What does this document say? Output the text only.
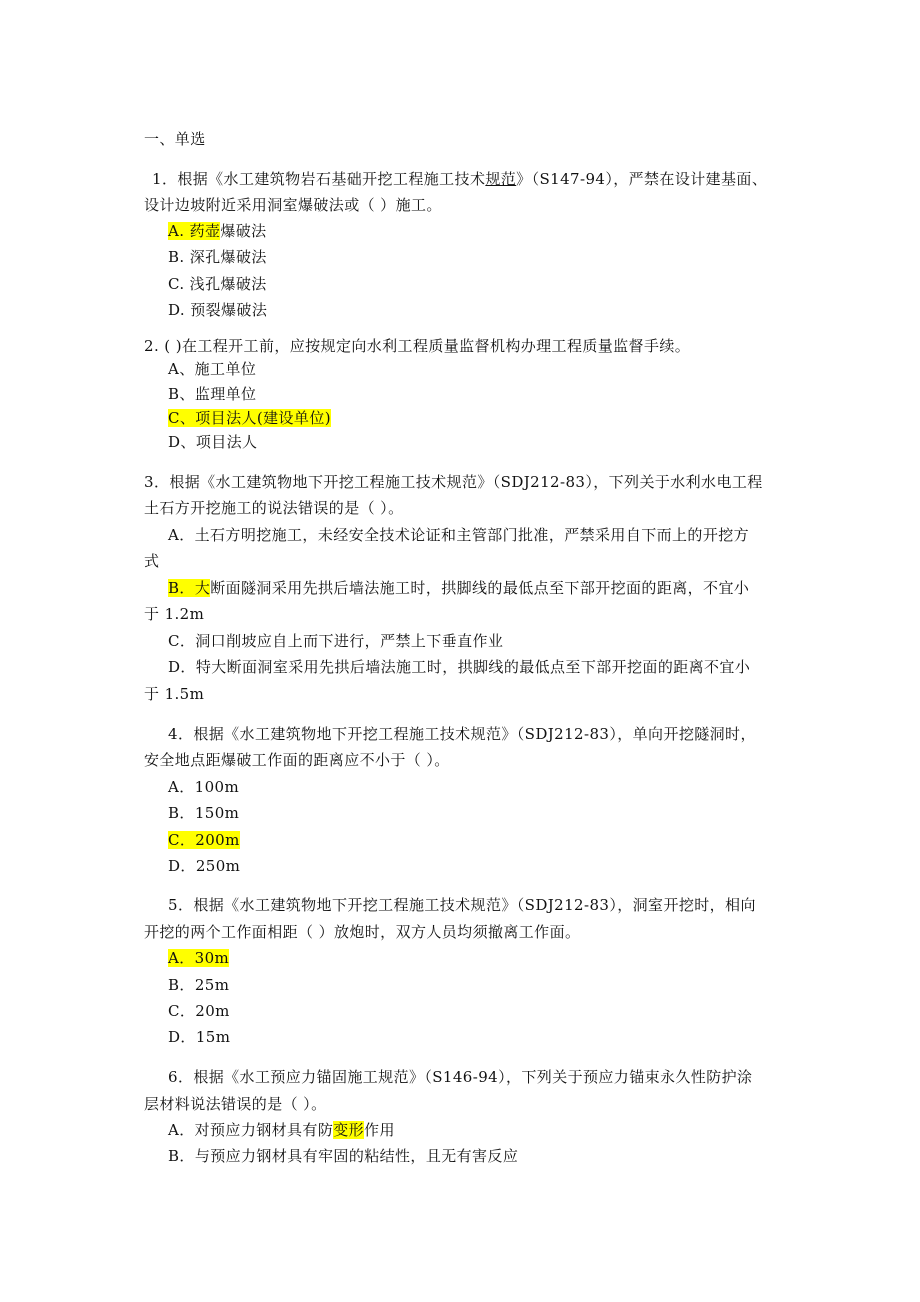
一、单选
1．根据《水工建筑物岩石基础开挖工程施工技术规范》（S147-94），严禁在设计建基面、
设计边坡附近采用洞室爆破法或（ ）施工。
A. 药壶爆破法
B. 深孔爆破法
C. 浅孔爆破法
D. 预裂爆破法
2. ( )在工程开工前，应按规定向水利工程质量监督机构办理工程质量监督手续。
A、施工单位
B、监理单位
C、项目法人(建设单位)
D、项目法人
3．根据《水工建筑物地下开挖工程施工技术规范》（SDJ212-83），下列关于水利水电工程
土石方开挖施工的说法错误的是（ ）。
A．土石方明挖施工，未经安全技术论证和主管部门批准，严禁采用自下而上的开挖方
式
B．大断面隧洞采用先拱后墙法施工时，拱脚线的最低点至下部开挖面的距离，不宜小
于 1.2m
C．洞口削坡应自上而下进行，严禁上下垂直作业
D．特大断面洞室采用先拱后墙法施工时，拱脚线的最低点至下部开挖面的距离不宜小
于 1.5m
4．根据《水工建筑物地下开挖工程施工技术规范》（SDJ212-83），单向开挖隧洞时，
安全地点距爆破工作面的距离应不小于（ ）。
A．100m
B．150m
C．200m
D．250m
5．根据《水工建筑物地下开挖工程施工技术规范》（SDJ212-83），洞室开挖时，相向
开挖的两个工作面相距（ ）放炮时，双方人员均须撤离工作面。
A．30m
B．25m
C．20m
D．15m
6．根据《水工预应力锚固施工规范》（S146-94），下列关于预应力锚束永久性防护涂
层材料说法错误的是（ ）。
A．对预应力钢材具有防变形作用
B．与预应力钢材具有牢固的粘结性，且无有害反应
